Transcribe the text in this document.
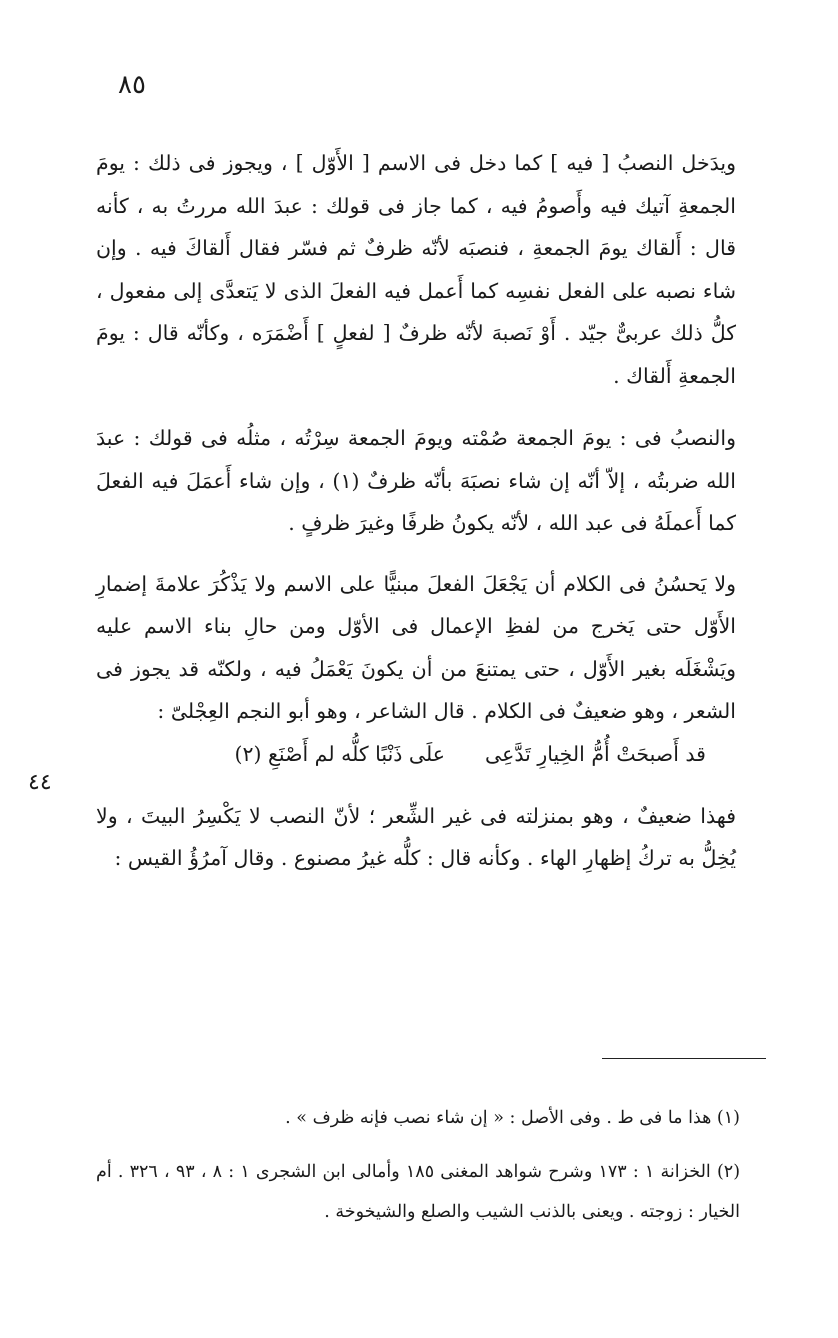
٨٥
٤٤

ويدَخل النصبُ [ فيه ] كما دخل فى الاسم [ الأَوّل ] ، ويجوز فى ذلك : يومَ الجمعةِ آتيك فيه وأَصومُ فيه ، كما جاز فى قولك : عبدَ الله مررتُ به ، كأنه قال : أَلقاك يومَ الجمعةِ ، فنصبَه لأنّه ظرفٌ ثم فسّر فقال أَلقاكَ فيه . وإن شاء نصبه على الفعل نفسِه كما أَعمل فيه الفعلَ الذى لا يَتعدَّى إلى مفعول ، كلُّ ذلك عربىٌّ جيّد . أَوْ نَصبهَ لأنّه ظرفٌ [ لفعلٍ ] أَضْمَرَه ، وكأنّه قال : يومَ الجمعةِ أَلقاك .

والنصبُ فى : يومَ الجمعة صُمْته ويومَ الجمعة سِرْتُه ، مثلُه فى قولك : عبدَ الله ضربتُه ، إلاّ أنّه إن شاء نصبَهَ بأنّه ظرفٌ (١) ، وإن شاء أَعمَلَ فيه الفعلَ كما أَعملَهُ فى عبد الله ، لأنّه يكونُ ظرفًا وغيرَ ظرفٍ .

ولا يَحسُنُ فى الكلام أن يَجْعَلَ الفعلَ مبنيًّا على الاسم ولا يَذْكُرَ علامةَ إضمارِ الأَوّل حتى يَخرج من لفظِ الإعمال فى الأوّل ومن حالِ بناء الاسم عليه ويَشْغَلَه بغير الأَوّل ، حتى يمتنعَ من أن يكونَ يَعْمَلُ فيه ، ولكنّه قد يجوز فى الشعر ، وهو ضعيفٌ فى الكلام . قال الشاعر ، وهو أبو النجم العِجْلىّ :

قد أَصبحَتْ أُمُّ الخِيارِ تَدَّعِى
علَى ذَنْبًا كلُّه لم أَصْنَعِ (٢)

فهذا ضعيفٌ ، وهو بمنزلته فى غير الشِّعر ؛ لأنّ النصب لا يَكْسِرُ البيتَ ، ولا يُخِلُّ به تركُ إظهارِ الهاء . وكأنه قال : كلُّه غيرُ مصنوع . وقال آمرُؤُ القيس :

(١) هذا ما فى ط . وفى الأصل : « إن شاء نصب فإنه ظرف » .

(٢) الخزانة ١ : ١٧٣ وشرح شواهد المغنى ١٨٥ وأمالى ابن الشجرى ١ : ٨ ، ٩٣ ، ٣٢٦ . أم الخيار : زوجته . ويعنى بالذنب الشيب والصلع والشيخوخة .
